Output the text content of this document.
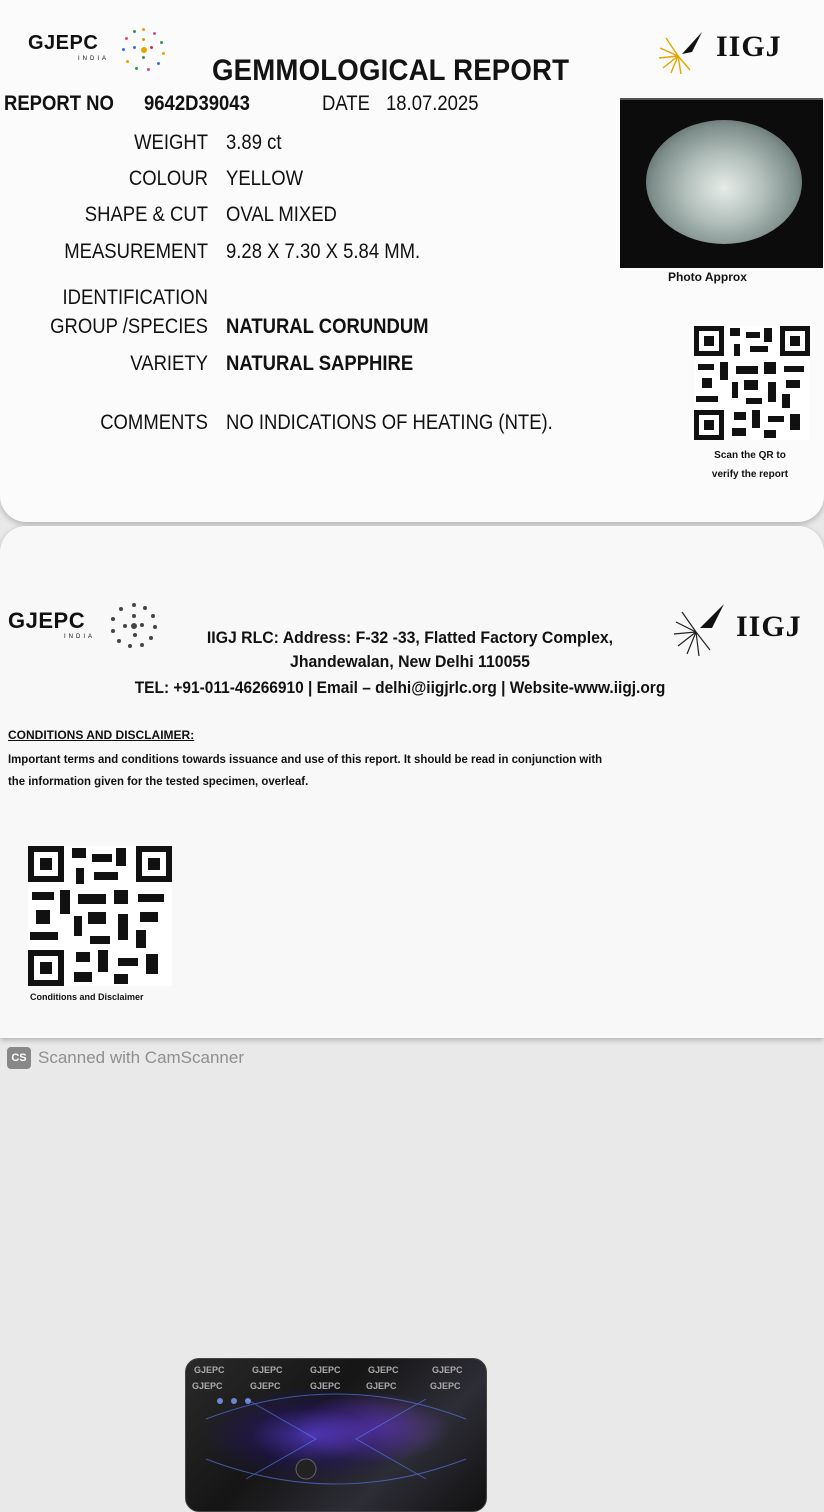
GJEPC
INDIA	IIGJ
GEMMOLOGICAL REPORT
REPORT NO 9642D39043	DATE 18.07.2025
WEIGHT 3.89 ct
COLOUR YELLOW
SHAPE & CUT OVAL MIXED
MEASUREMENT 9.28 X 7.30 X 5.84 MM.
IDENTIFICATION
GROUP /SPECIES NATURAL CORUNDUM
VARIETY NATURAL SAPPHIRE
COMMENTS NO INDICATIONS OF HEATING (NTE).
Photo Approx
Scan the QR to
verify the report
GJEPC
INDIA	IIGJ
IIGJ RLC: Address: F-32 -33, Flatted Factory Complex,
Jhandewalan, New Delhi 110055
TEL: +91-011-46266910 | Email – delhi@iigjrlc.org | Website-www.iigj.org
CONDITIONS AND DISCLAIMER:
Important terms and conditions towards issuance and use of this report. It should be read in conjunction with
the information given for the tested specimen, overleaf.
Conditions and Disclaimer
GJEPC	GJEPC	GJEPC	GJEPC	GJEPC
GJEPC	GJEPC	GJEPC	GJEPC	GJEPC
CS Scanned with CamScanner
